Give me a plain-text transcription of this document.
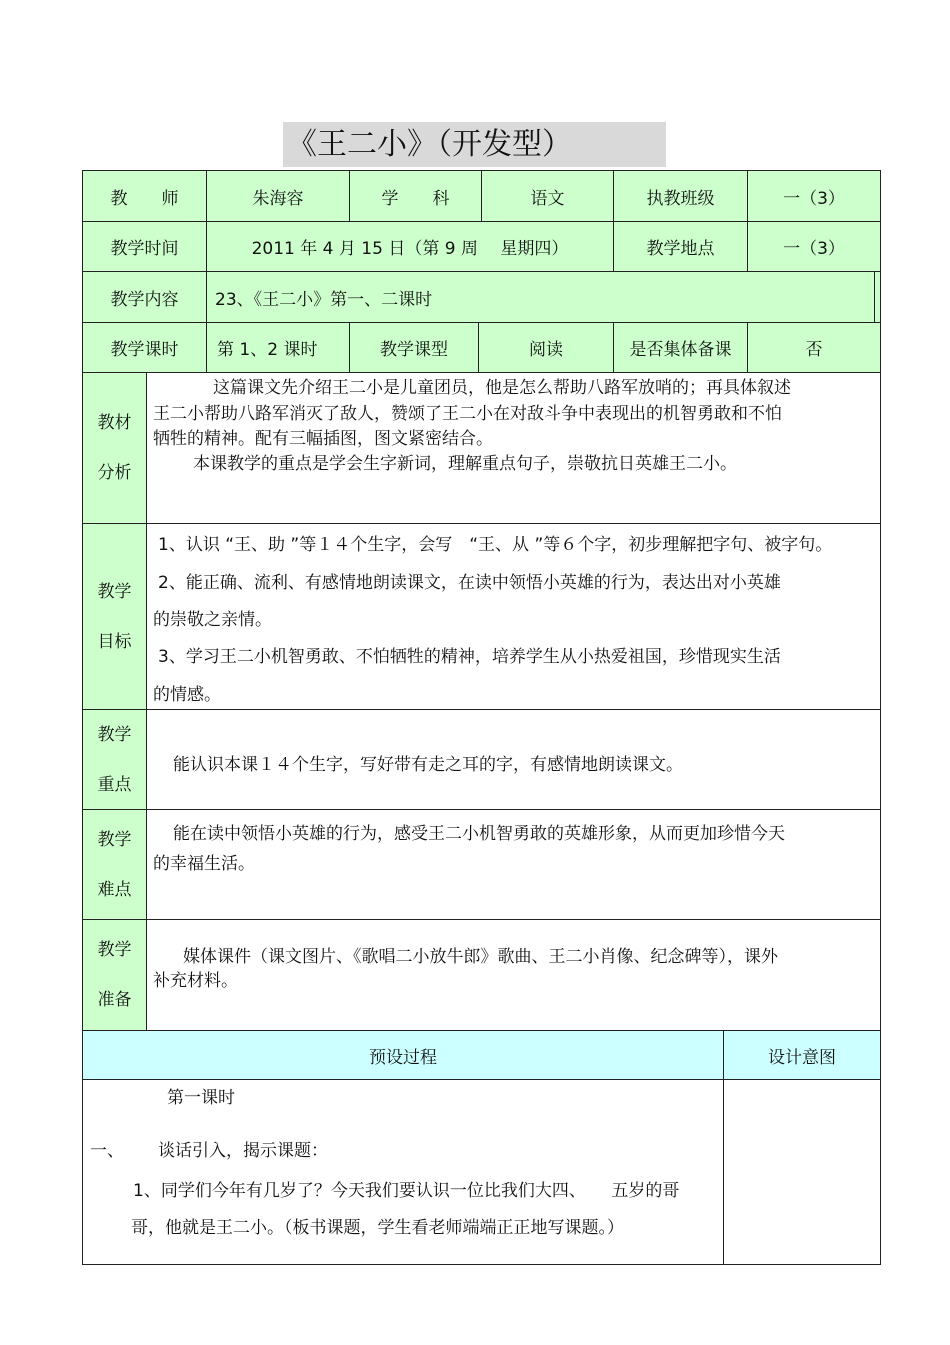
《王二小》（开发型）
教　　师	朱海容	学　　科	语文	执教班级	一（3）
教学时间	2011 年 4 月 15 日（第 9 周　 星期四）	教学地点	一（3）
教学内容	23、《王二小》第一、二课时
教学课时	第 1、2 课时	教学课型	阅读	是否集体备课	否
教材
分析
这篇课文先介绍王二小是儿童团员，他是怎么帮助八路军放哨的；再具体叙述
王二小帮助八路军消灭了敌人，赞颂了王二小在对敌斗争中表现出的机智勇敢和不怕
牺牲的精神。配有三幅插图，图文紧密结合。
本课教学的重点是学会生字新词，理解重点句子，崇敬抗日英雄王二小。
教学
目标
1、认识 “王、助 ”等１４个生字，会写　“王、从 ”等６个字，初步理解把字句、被字句。
2、能正确、流利、有感情地朗读课文，在读中领悟小英雄的行为，表达出对小英雄
的崇敬之亲情。
3、学习王二小机智勇敢、不怕牺牲的精神，培养学生从小热爱祖国，珍惜现实生活
的情感。
教学
重点
能认识本课１４个生字，写好带有走之耳的字，有感情地朗读课文。
教学
难点
能在读中领悟小英雄的行为，感受王二小机智勇敢的英雄形象，从而更加珍惜今天
的幸福生活。
教学
准备
媒体课件（课文图片、《歌唱二小放牛郎》歌曲、王二小肖像、纪念碑等），课外
补充材料。
预设过程	设计意图
第一课时
一、 谈话引入，揭示课题：
1、同学们今年有几岁了？今天我们要认识一位比我们大四、　　五岁的哥
哥，他就是王二小。（板书课题，学生看老师端端正正地写课题。）
